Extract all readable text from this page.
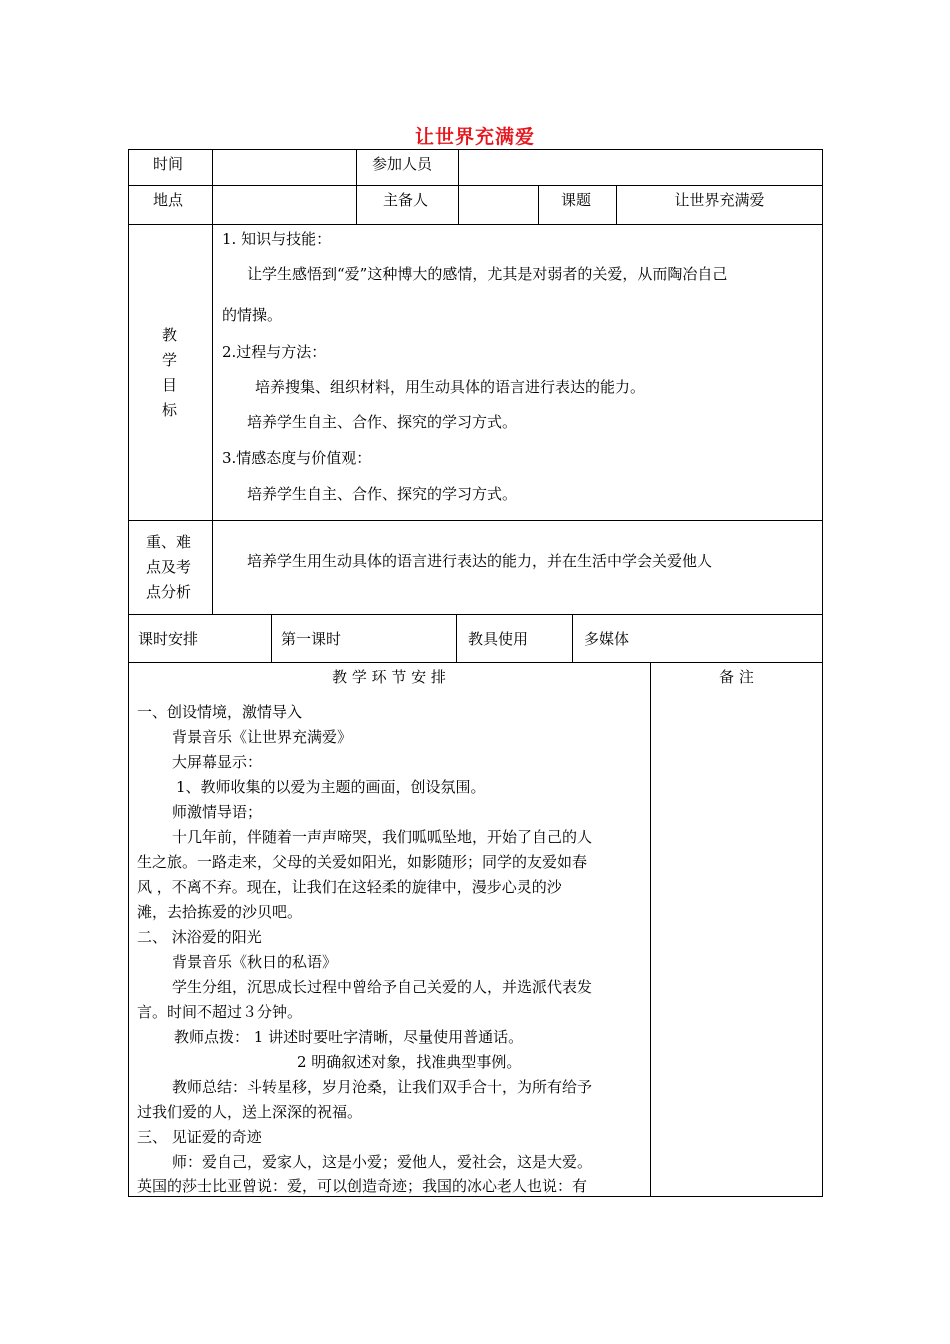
让世界充满爱
时间	参加人员
地点	主备人	课题	让世界充满爱
教
学
目
标
1. 知识与技能：
让学生感悟到“爱”这种博大的感情，尤其是对弱者的关爱，从而陶冶自己
的情操。
2.过程与方法：
培养搜集、组织材料，用生动具体的语言进行表达的能力。
培养学生自主、合作、探究的学习方式。
3.情感态度与价值观：
培养学生自主、合作、探究的学习方式。
重、难
点及考
点分析
培养学生用生动具体的语言进行表达的能力，并在生活中学会关爱他人
课时安排	第一课时	教具使用	多媒体
教 学 环 节 安 排	备 注
一、创设情境，激情导入
背景音乐《让世界充满爱》
大屏幕显示：
1、教师收集的以爱为主题的画面，创设氛围。
师激情导语；
十几年前，伴随着一声声啼哭，我们呱呱坠地，开始了自己的人
生之旅。一路走来，父母的关爱如阳光，如影随形；同学的友爱如春
风 ，不离不弃。现在，让我们在这轻柔的旋律中，漫步心灵的沙
滩，去拾拣爱的沙贝吧。
二、 沐浴爱的阳光
背景音乐《秋日的私语》
学生分组，沉思成长过程中曾给予自己关爱的人，并选派代表发
言。时间不超过３分钟。
教师点拨： 1 讲述时要吐字清晰，尽量使用普通话。
2 明确叙述对象，找准典型事例。
教师总结：斗转星移，岁月沧桑，让我们双手合十，为所有给予
过我们爱的人，送上深深的祝福。
三、 见证爱的奇迹
师：爱自己，爱家人，这是小爱；爱他人，爱社会，这是大爱。
英国的莎士比亚曾说：爱，可以创造奇迹；我国的冰心老人也说：有
